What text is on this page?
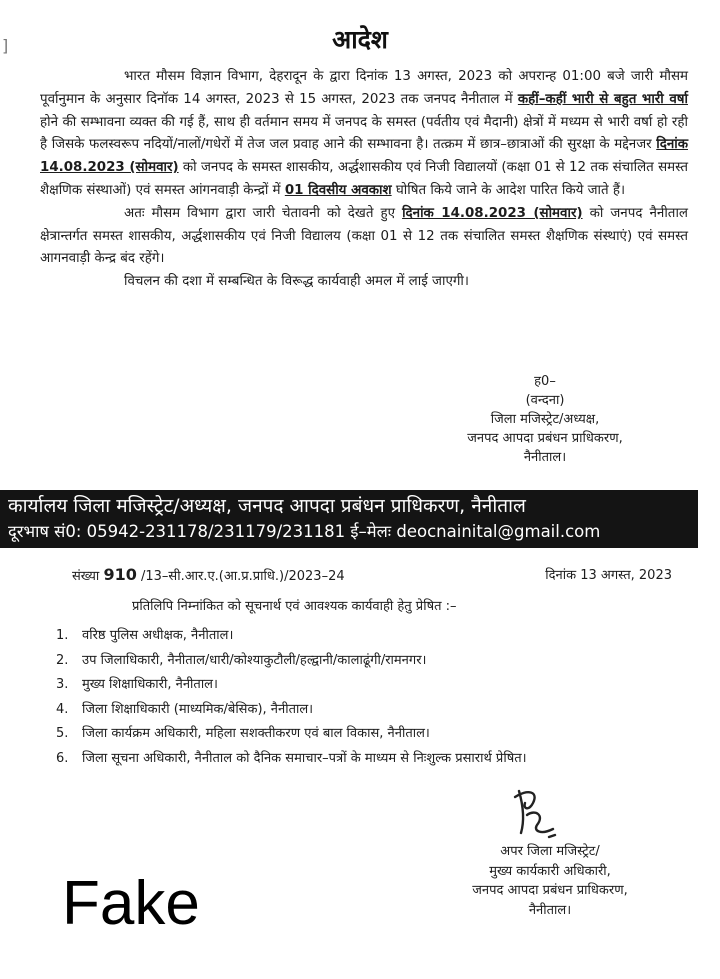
]	आदेश

भारत मौसम विज्ञान विभाग, देहरादून के द्वारा दिनांक 13 अगस्त, 2023 को अपरान्ह 01:00 बजे जारी मौसम पूर्वानुमान के अनुसार दिनॉक 14 अगस्त, 2023 से 15 अगस्त, 2023 तक जनपद नैनीताल में कहीं–कहीं भारी से बहुत भारी वर्षा होने की सम्भावना व्यक्त की गई हैं, साथ ही वर्तमान समय में जनपद के समस्त (पर्वतीय एवं मैदानी) क्षेत्रों में मध्यम से भारी वर्षा हो रही है जिसके फलस्वरूप नदियों/नालों/गधेरों में तेज जल प्रवाह आने की सम्भावना है। तत्क्रम में छात्र–छात्राओं की सुरक्षा के मद्देनजर दिनांक 14.08.2023 (सोमवार) को जनपद के समस्त शासकीय, अर्द्धशासकीय एवं निजी विद्यालयों (कक्षा 01 से 12 तक संचालित समस्त शैक्षणिक संस्थाओं) एवं समस्त आंगनवाड़ी केन्द्रों में 01 दिवसीय अवकाश घोषित किये जाने के आदेश पारित किये जाते हैं।

अतः मौसम विभाग द्वारा जारी चेतावनी को देखते हुए दिनांक 14.08.2023 (सोमवार) को जनपद नैनीताल क्षेत्रान्तर्गत समस्त शासकीय, अर्द्धशासकीय एवं निजी विद्यालय (कक्षा 01 से 12 तक संचालित समस्त शैक्षणिक संस्थाएं) एवं समस्त आगनवाड़ी केन्द्र बंद रहेंगे।

विचलन की दशा में सम्बन्धित के विरूद्ध कार्यवाही अमल में लाई जाएगी।

ह0–
(वन्दना)
जिला मजिस्ट्रेट/अध्यक्ष,
जनपद आपदा प्रबंधन प्राधिकरण,
नैनीताल।
कार्यालय जिला मजिस्ट्रेट/अध्यक्ष, जनपद आपदा प्रबंधन प्राधिकरण, नैनीताल
दूरभाष सं0: 05942-231178/231179/231181 ई–मेलः deocnainital@gmail.com
संख्या 910 /13–सी.आर.ए.(आ.प्र.प्राधि.)/2023–24	दिनांक 13 अगस्त, 2023
प्रतिलिपि निम्नांकित को सूचनार्थ एवं आवश्यक कार्यवाही हेतु प्रेषित :–
1.	वरिष्ठ पुलिस अधीक्षक, नैनीताल।
2.	उप जिलाधिकारी, नैनीताल/धारी/कोश्याकुटौली/हल्द्वानी/कालाढूंगी/रामनगर।
3.	मुख्य शिक्षाधिकारी, नैनीताल।
4.	जिला शिक्षाधिकारी (माध्यमिक/बेसिक), नैनीताल।
5.	जिला कार्यक्रम अधिकारी, महिला सशक्तीकरण एवं बाल विकास, नैनीताल।
6.	जिला सूचना अधिकारी, नैनीताल को दैनिक समाचार–पत्रों के माध्यम से निःशुल्क प्रसारार्थ प्रेषित।
अपर जिला मजिस्ट्रेट/
मुख्य कार्यकारी अधिकारी,
जनपद आपदा प्रबंधन प्राधिकरण,
नैनीताल।
Fake
